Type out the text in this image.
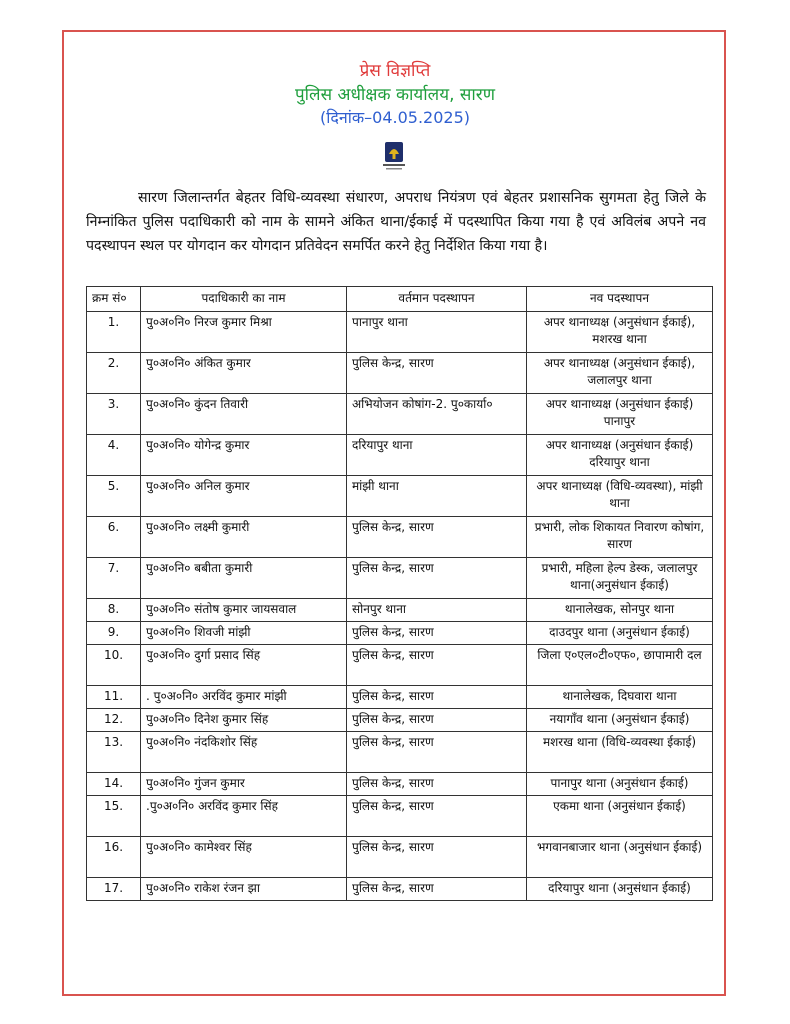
प्रेस विज्ञप्ति
पुलिस अधीक्षक कार्यालय, सारण
(दिनांक–04.05.2025)
सारण जिलान्तर्गत बेहतर विधि-व्यवस्था संधारण, अपराध नियंत्रण एवं बेहतर प्रशासनिक सुगमता हेतु जिले के निम्नांकित पुलिस पदाधिकारी को नाम के सामने अंकित थाना/ईकाई में पदस्थापित किया गया है एवं अविलंब अपने नव पदस्थापन स्थल पर योगदान कर योगदान प्रतिवेदन समर्पित करने हेतु निर्देशित किया गया है।
क्रम सं०	पदाधिकारी का नाम	वर्तमान पदस्थापन	नव पदस्थापन
1.	पु०अ०नि० निरज कुमार मिश्रा	पानापुर थाना	अपर थानाध्यक्ष (अनुसंधान ईकाई), मशरख थाना
2.	पु०अ०नि० अंकित कुमार	पुलिस केन्द्र, सारण	अपर थानाध्यक्ष (अनुसंधान ईकाई), जलालपुर थाना
3.	पु०अ०नि० कुंदन तिवारी	अभियोजन कोषांग-2. पु०कार्या०	अपर थानाध्यक्ष (अनुसंधान ईकाई) पानापुर
4.	पु०अ०नि० योगेन्द्र कुमार	दरियापुर थाना	अपर थानाध्यक्ष (अनुसंधान ईकाई) दरियापुर थाना
5.	पु०अ०नि० अनिल कुमार	मांझी थाना	अपर थानाध्यक्ष (विधि-व्यवस्था), मांझी थाना
6.	पु०अ०नि० लक्ष्मी कुमारी	पुलिस केन्द्र, सारण	प्रभारी, लोक शिकायत निवारण कोषांग, सारण
7.	पु०अ०नि० बबीता कुमारी	पुलिस केन्द्र, सारण	प्रभारी, महिला हेल्प डेस्क, जलालपुर थाना(अनुसंधान ईकाई)
8.	पु०अ०नि० संतोष कुमार जायसवाल	सोनपुर थाना	थानालेखक, सोनपुर थाना
9.	पु०अ०नि० शिवजी मांझी	पुलिस केन्द्र, सारण	दाउदपुर थाना (अनुसंधान ईकाई)
10.	पु०अ०नि० दुर्गा प्रसाद सिंह	पुलिस केन्द्र, सारण	जिला ए०एल०टी०एफ०, छापामारी दल
11.	. पु०अ०नि० अरविंद कुमार मांझी	पुलिस केन्द्र, सारण	थानालेखक, दिघवारा थाना
12.	पु०अ०नि० दिनेश कुमार सिंह	पुलिस केन्द्र, सारण	नयागाँव थाना (अनुसंधान ईकाई)
13.	पु०अ०नि० नंदकिशोर सिंह	पुलिस केन्द्र, सारण	मशरख थाना (विधि-व्यवस्था ईकाई)
14.	पु०अ०नि० गुंजन कुमार	पुलिस केन्द्र, सारण	पानापुर थाना (अनुसंधान ईकाई)
15.	.पु०अ०नि० अरविंद कुमार सिंह	पुलिस केन्द्र, सारण	एकमा थाना (अनुसंधान ईकाई)
16.	पु०अ०नि० कामेश्वर सिंह	पुलिस केन्द्र, सारण	भगवानबाजार थाना (अनुसंधान ईकाई)
17.	पु०अ०नि० राकेश रंजन झा	पुलिस केन्द्र, सारण	दरियापुर थाना (अनुसंधान ईकाई)
